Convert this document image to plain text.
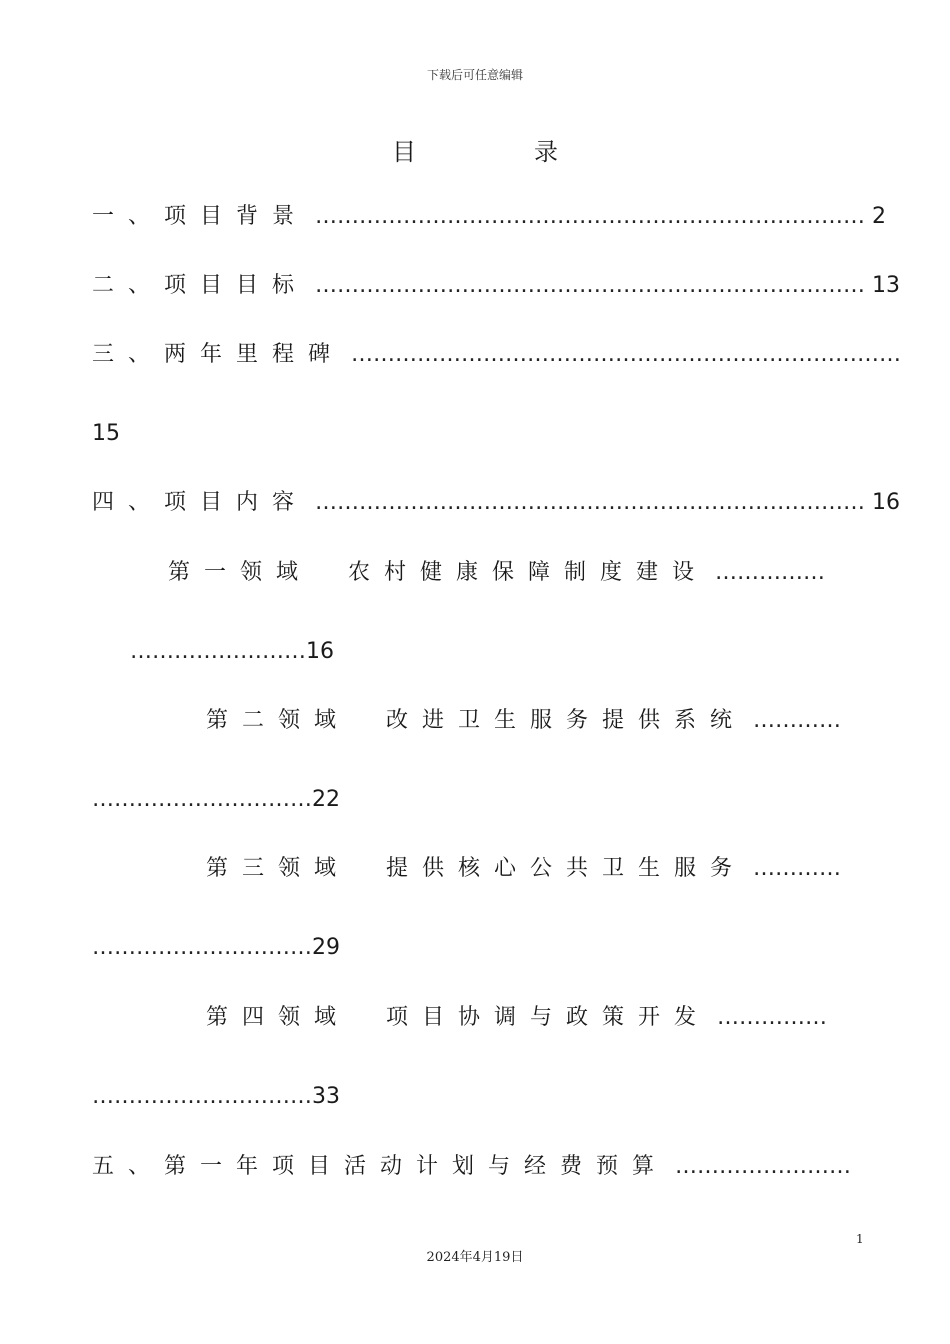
下载后可任意编辑
目	录
一、项目背景 ………………………………………………………………… 2
二、项目目标 ………………………………………………………………… 13
三、两年里程碑 …………………………………………………………………
15
四、项目内容 ………………………………………………………………… 16
第一领域　农村健康保障制度建设 ……………
……………………16
第二领域　改进卫生服务提供系统 …………
…………………………22
第三领域　提供核心公共卫生服务 …………
…………………………29
第四领域　项目协调与政策开发 ……………
…………………………33
五、第一年项目活动计划与经费预算 ……………………
1
2024年4月19日
